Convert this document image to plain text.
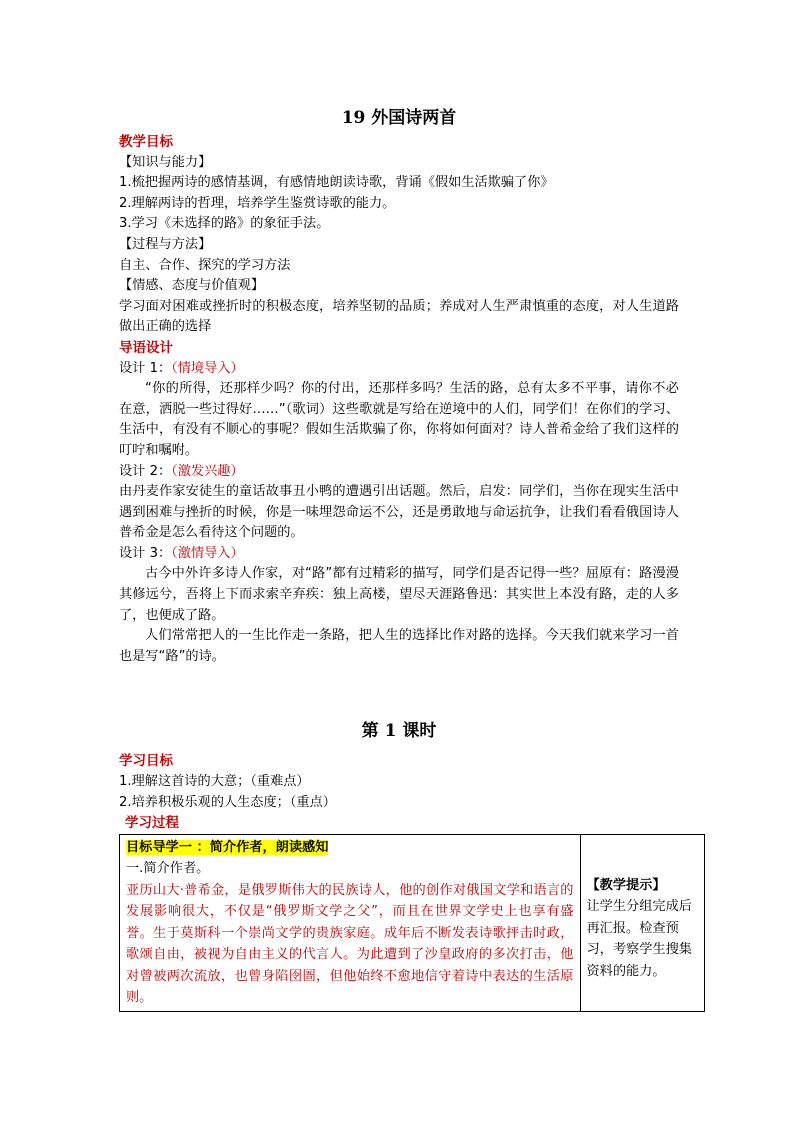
19 外国诗两首
教学目标
【知识与能力】
1.梳把握两诗的感情基调，有感情地朗读诗歌，背诵《假如生活欺骗了你》
2.理解两诗的哲理，培养学生鉴赏诗歌的能力。
3.学习《未选择的路》的象征手法。
【过程与方法】
自主、合作、探究的学习方法
【情感、态度与价值观】
学习面对困难或挫折时的积极态度，培养坚韧的品质；养成对人生严肃慎重的态度，对人生道路做出正确的选择
导语设计
设计 1：（情境导入）
“你的所得，还那样少吗？你的付出，还那样多吗？生活的路，总有太多不平事，请你不必在意，洒脱一些过得好……”（歌词）这些歌就是写给在逆境中的人们，同学们！在你们的学习、生活中，有没有不顺心的事呢？假如生活欺骗了你，你将如何面对？诗人普希金给了我们这样的叮咛和嘱咐。
设计 2：（激发兴趣）
由丹麦作家安徒生的童话故事丑小鸭的遭遇引出话题。然后，启发：同学们，当你在现实生活中遇到困难与挫折的时候，你是一味埋怨命运不公，还是勇敢地与命运抗争，让我们看看俄国诗人普希金是怎么看待这个问题的。
设计 3：（激情导入）
古今中外许多诗人作家，对“路”都有过精彩的描写，同学们是否记得一些？屈原有：路漫漫其修远兮，吾将上下而求索辛弃疾：独上高楼，望尽天涯路鲁迅：其实世上本没有路，走的人多了，也便成了路。
人们常常把人的一生比作走一条路，把人生的选择比作对路的选择。今天我们就来学习一首也是写“路”的诗。
第 1 课时
学习目标
1.理解这首诗的大意；（重难点）
2.培养积极乐观的人生态度；（重点）
学习过程
目标导学一 ：简介作者，朗读感知
一.简介作者。
亚历山大·普希金，是俄罗斯伟大的民族诗人，他的创作对俄国文学和语言的发展影响很大，不仅是“俄罗斯文学之父”，而且在世界文学史上也享有盛誉。生于莫斯科一个崇尚文学的贵族家庭。成年后不断发表诗歌抨击时政，歌颂自由，被视为自由主义的代言人。为此遭到了沙皇政府的多次打击，他对曾被两次流放，也曾身陷囹圄，但他始终不愈地信守着诗中表达的生活原则。

【教学提示】
让学生分组完成后再汇报。检查预习，考察学生搜集资料的能力。
